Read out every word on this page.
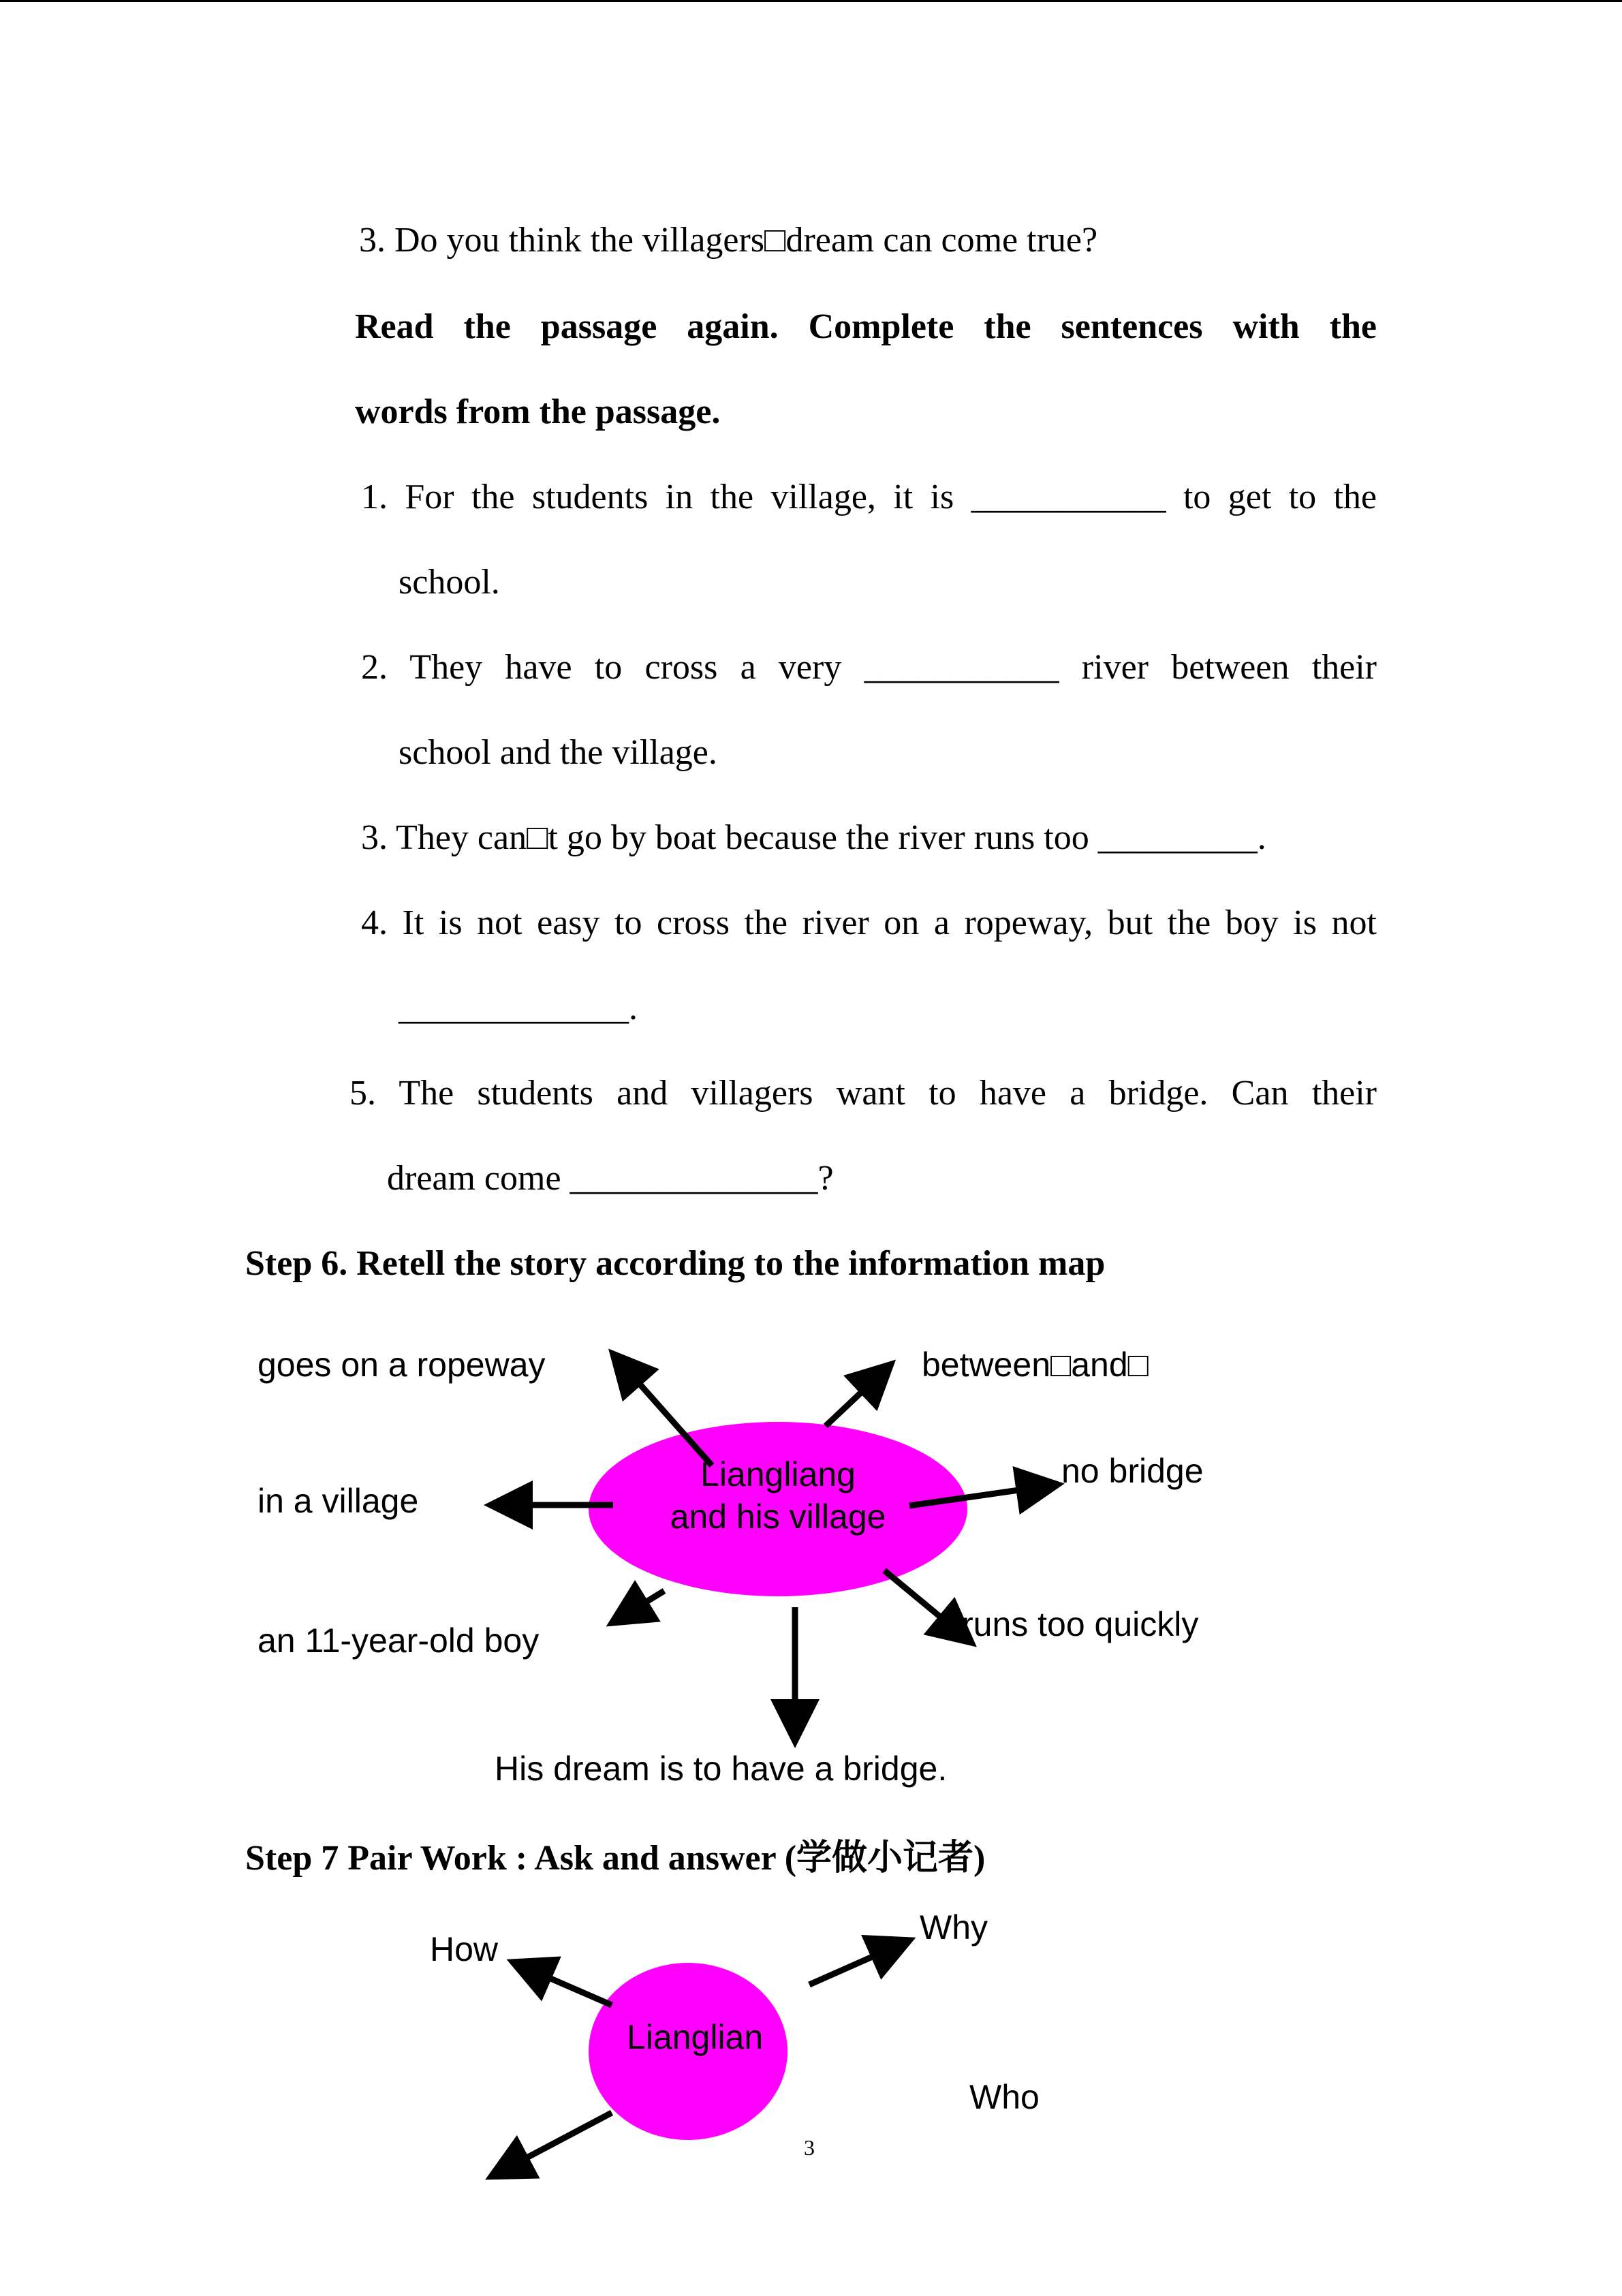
3. Do you think the villagers□dream can come true?
Read the passage again. Complete the sentences with the
words from the passage.
1. For the students in the village, it is ___________ to get to the
school.
2. They have to cross a very ___________ river between their
school and the village.
3. They can□t go by boat because the river runs too _________.
4. It is not easy to cross the river on a ropeway, but the boy is not
_____________.
5. The students and villagers want to have a bridge. Can their
dream come ______________?
Step 6. Retell the story according to the information map
goes on a ropeway	between□and□
in a village
no bridge
an 11-year-old boy	runs too quickly
His dream is to have a bridge.
Liangliang
and his village
Step 7 Pair Work : Ask and answer (学做小记者)
How
Why
Who
Lianglian
3
